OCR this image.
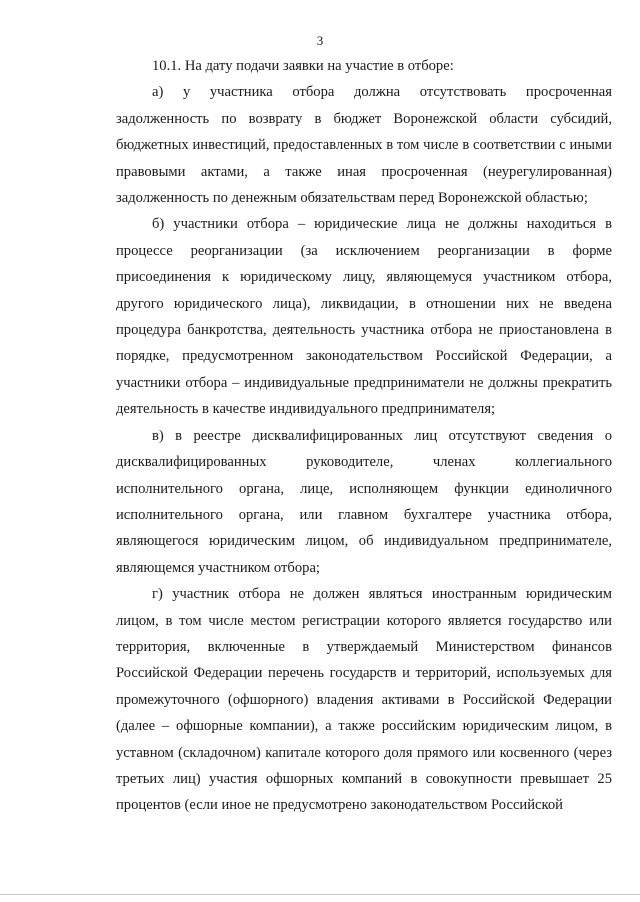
3

10.1. На дату подачи заявки на участие в отборе:

а) у участника отбора должна отсутствовать просроченная задолженность по возврату в бюджет Воронежской области субсидий, бюджетных инвестиций, предоставленных в том числе в соответствии с иными правовыми актами, а также иная просроченная (неурегулированная) задолженность по денежным обязательствам перед Воронежской областью;

б) участники отбора – юридические лица не должны находиться в процессе реорганизации (за исключением реорганизации в форме присоединения к юридическому лицу, являющемуся участником отбора, другого юридического лица), ликвидации, в отношении них не введена процедура банкротства, деятельность участника отбора не приостановлена в порядке, предусмотренном законодательством Российской Федерации, а участники отбора – индивидуальные предприниматели не должны прекратить деятельность в качестве индивидуального предпринимателя;

в) в реестре дисквалифицированных лиц отсутствуют сведения о дисквалифицированных руководителе, членах коллегиального исполнительного органа, лице, исполняющем функции единоличного исполнительного органа, или главном бухгалтере участника отбора, являющегося юридическим лицом, об индивидуальном предпринимателе, являющемся участником отбора;

г) участник отбора не должен являться иностранным юридическим лицом, в том числе местом регистрации которого является государство или территория, включенные в утверждаемый Министерством финансов Российской Федерации перечень государств и территорий, используемых для промежуточного (офшорного) владения активами в Российской Федерации (далее – офшорные компании), а также российским юридическим лицом, в уставном (складочном) капитале которого доля прямого или косвенного (через третьих лиц) участия офшорных компаний в совокупности превышает 25 процентов (если иное не предусмотрено законодательством Российской
